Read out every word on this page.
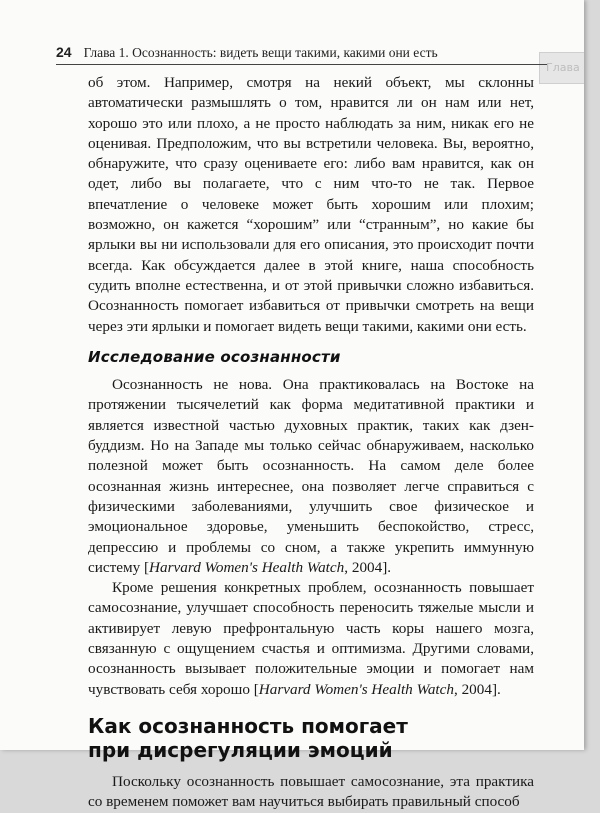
Глава
24 Глава 1. Осознанность: видеть вещи такими, какими они есть

об этом. Например, смотря на некий объект, мы склонны автоматически размышлять о том, нравится ли он нам или нет, хорошо это или плохо, а не просто наблюдать за ним, никак его не оценивая. Предположим, что вы встретили человека. Вы, вероятно, обнаружите, что сразу оцениваете его: либо вам нравится, как он одет, либо вы полагаете, что с ним что-то не так. Первое впечатление о человеке может быть хорошим или плохим; возможно, он кажется “хорошим” или “странным”, но какие бы ярлыки вы ни использовали для его описания, это происходит почти всегда. Как обсуждается далее в этой книге, наша способность судить вполне естественна, и от этой привычки сложно избавиться. Осознанность помогает избавиться от привычки смотреть на вещи через эти ярлыки и помогает видеть вещи такими, какими они есть.

Исследование осознанности

Осознанность не нова. Она практиковалась на Востоке на протяжении тысячелетий как форма медитативной практики и является известной частью духовных практик, таких как дзен-буддизм. Но на Западе мы только сейчас обнаруживаем, насколько полезной может быть осознанность. На самом деле более осознанная жизнь интереснее, она позволяет легче справиться с физическими заболеваниями, улучшить свое физическое и эмоциональное здоровье, уменьшить беспокойство, стресс, депрессию и проблемы со сном, а также укрепить иммунную систему [Harvard Women's Health Watch, 2004].

Кроме решения конкретных проблем, осознанность повышает самосознание, улучшает способность переносить тяжелые мысли и активирует левую префронтальную часть коры нашего мозга, связанную с ощущением счастья и оптимизма. Другими словами, осознанность вызывает положительные эмоции и помогает нам чувствовать себя хорошо [Harvard Women's Health Watch, 2004].

Как осознанность помогает
при дисрегуляции эмоций

Поскольку осознанность повышает самосознание, эта практика со временем поможет вам научиться выбирать правильный способ
